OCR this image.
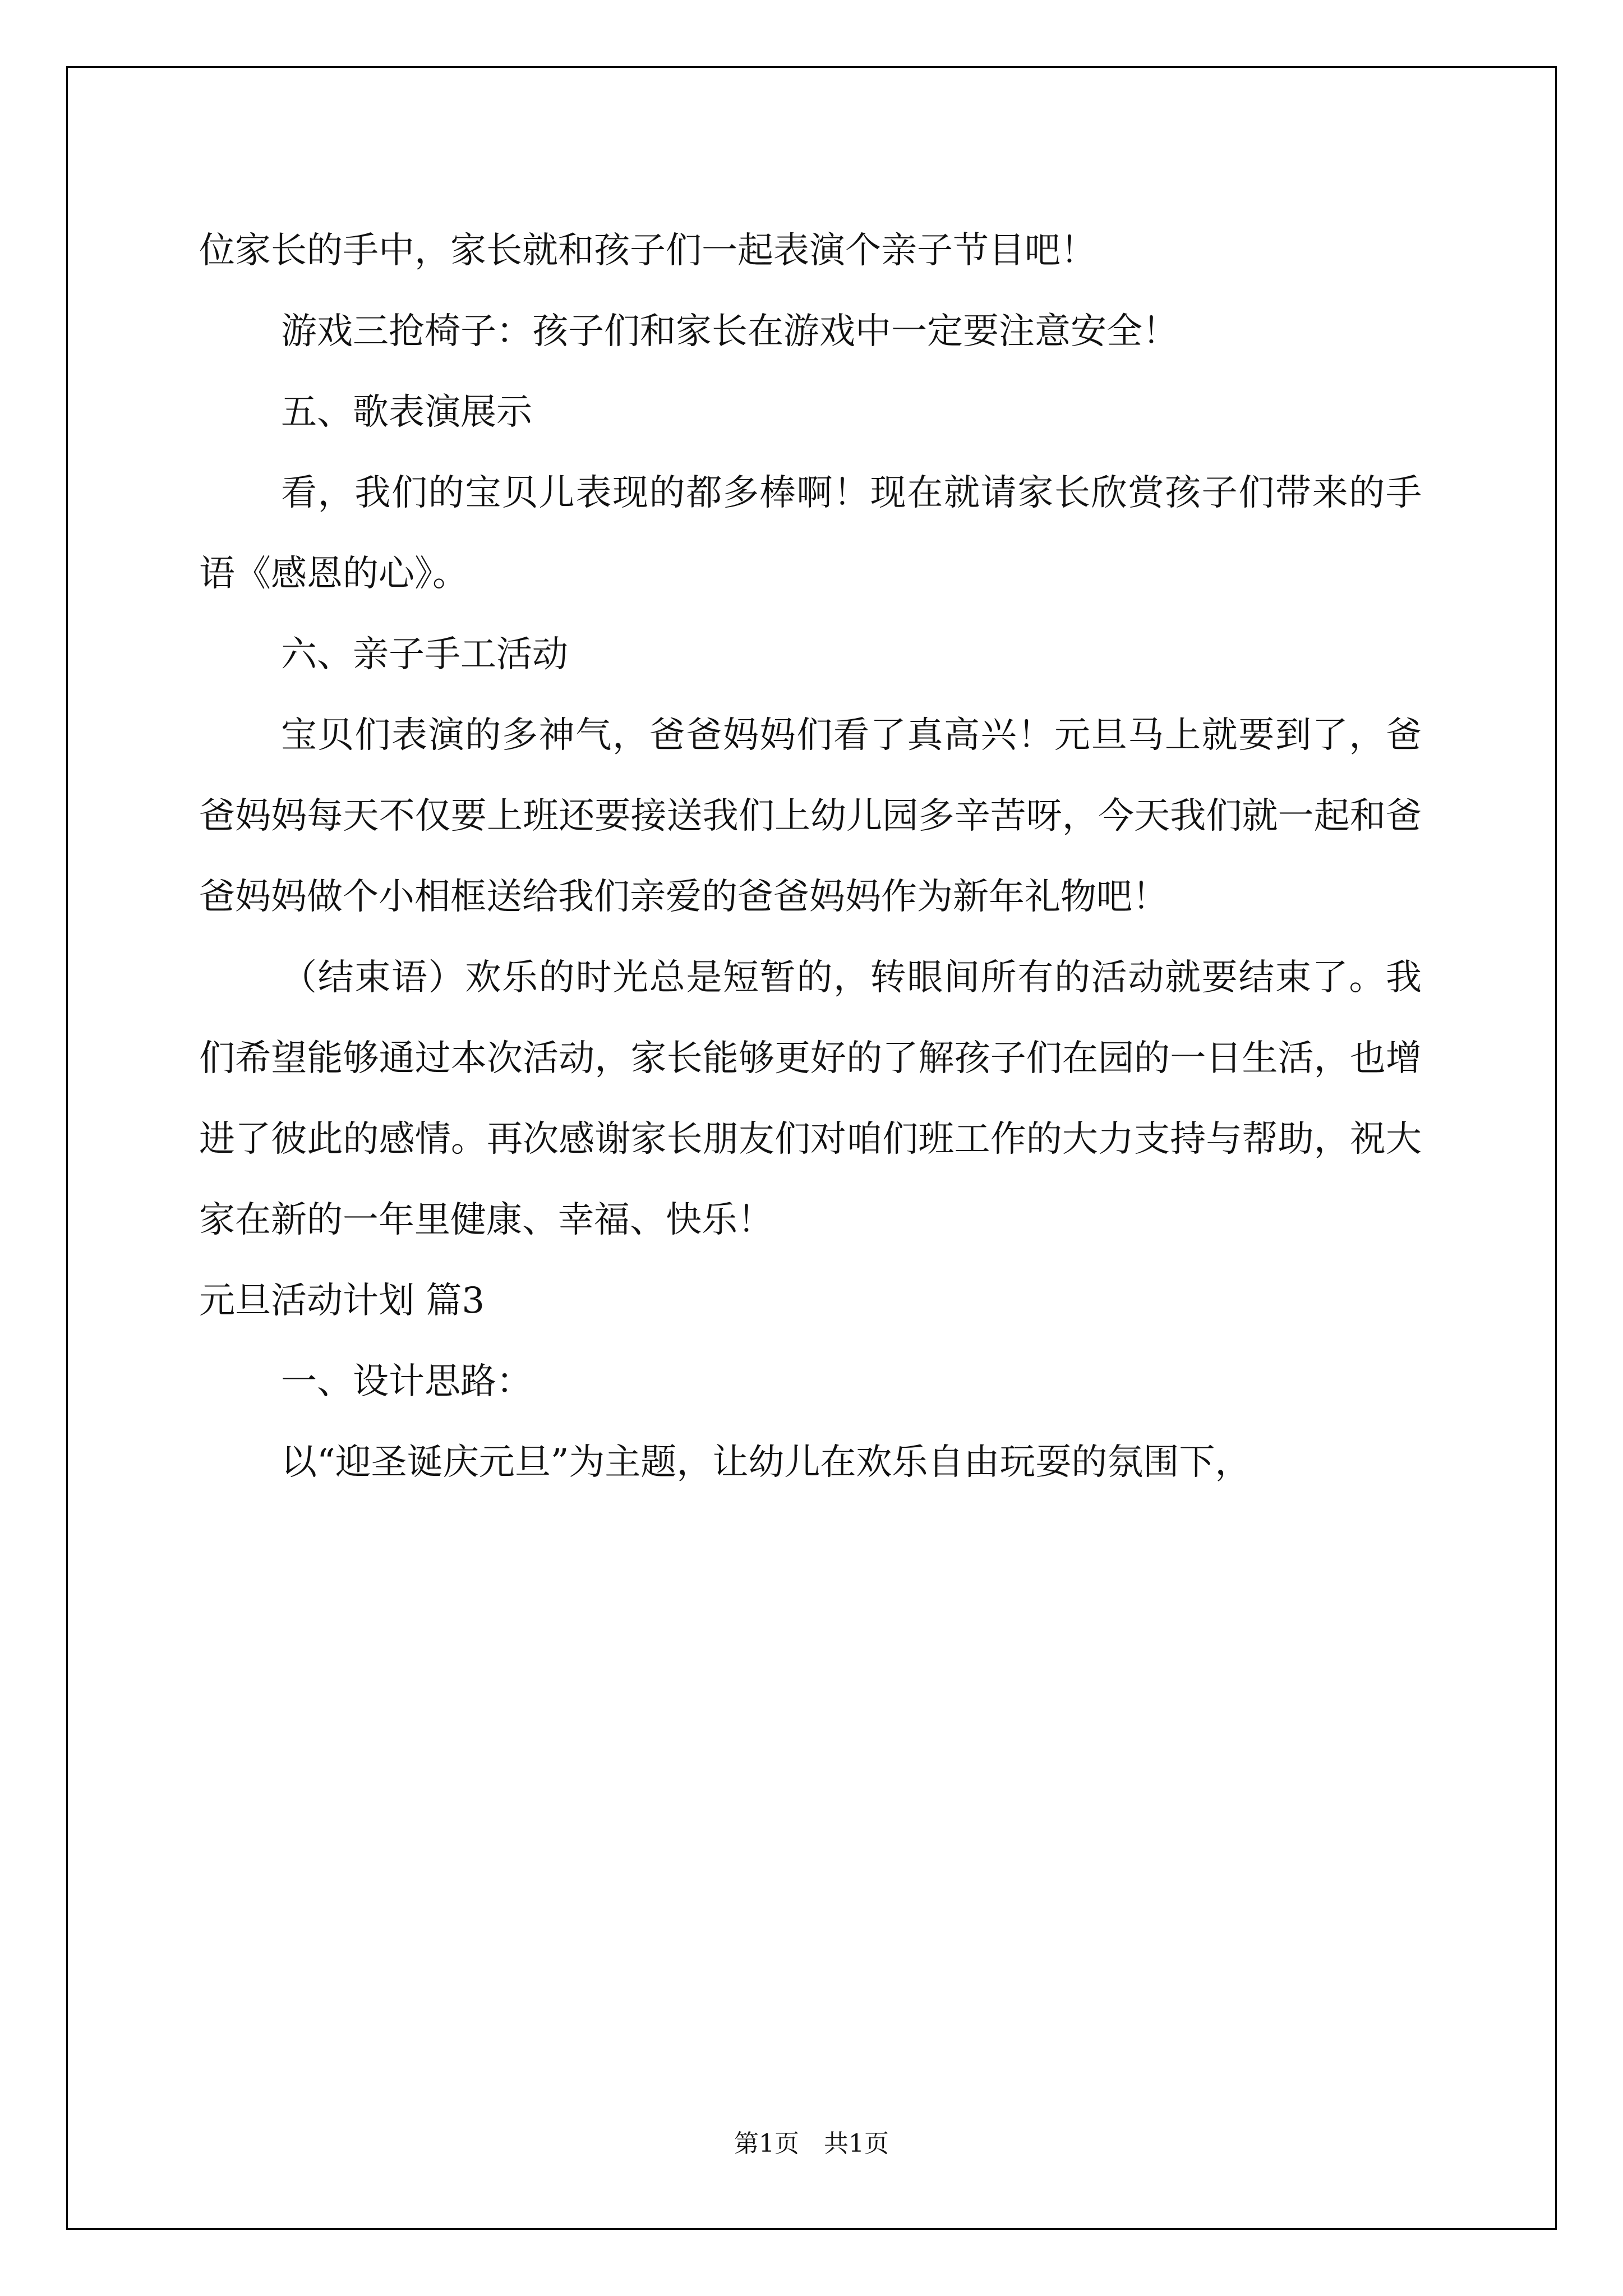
位家长的手中，家长就和孩子们一起表演个亲子节目吧！

游戏三抢椅子：孩子们和家长在游戏中一定要注意安全！

五、歌表演展示

看，我们的宝贝儿表现的都多棒啊！现在就请家长欣赏孩子们带来的手语《感恩的心》。

六、亲子手工活动

宝贝们表演的多神气，爸爸妈妈们看了真高兴！元旦马上就要到了，爸爸妈妈每天不仅要上班还要接送我们上幼儿园多辛苦呀，今天我们就一起和爸爸妈妈做个小相框送给我们亲爱的爸爸妈妈作为新年礼物吧！

（结束语）欢乐的时光总是短暂的，转眼间所有的活动就要结束了。我们希望能够通过本次活动，家长能够更好的了解孩子们在园的一日生活，也增进了彼此的感情。再次感谢家长朋友们对咱们班工作的大力支持与帮助，祝大家在新的一年里健康、幸福、快乐！

元旦活动计划 篇3

一、设计思路：

以“迎圣诞庆元旦”为主题，让幼儿在欢乐自由玩耍的氛围下，

第1页　共1页
